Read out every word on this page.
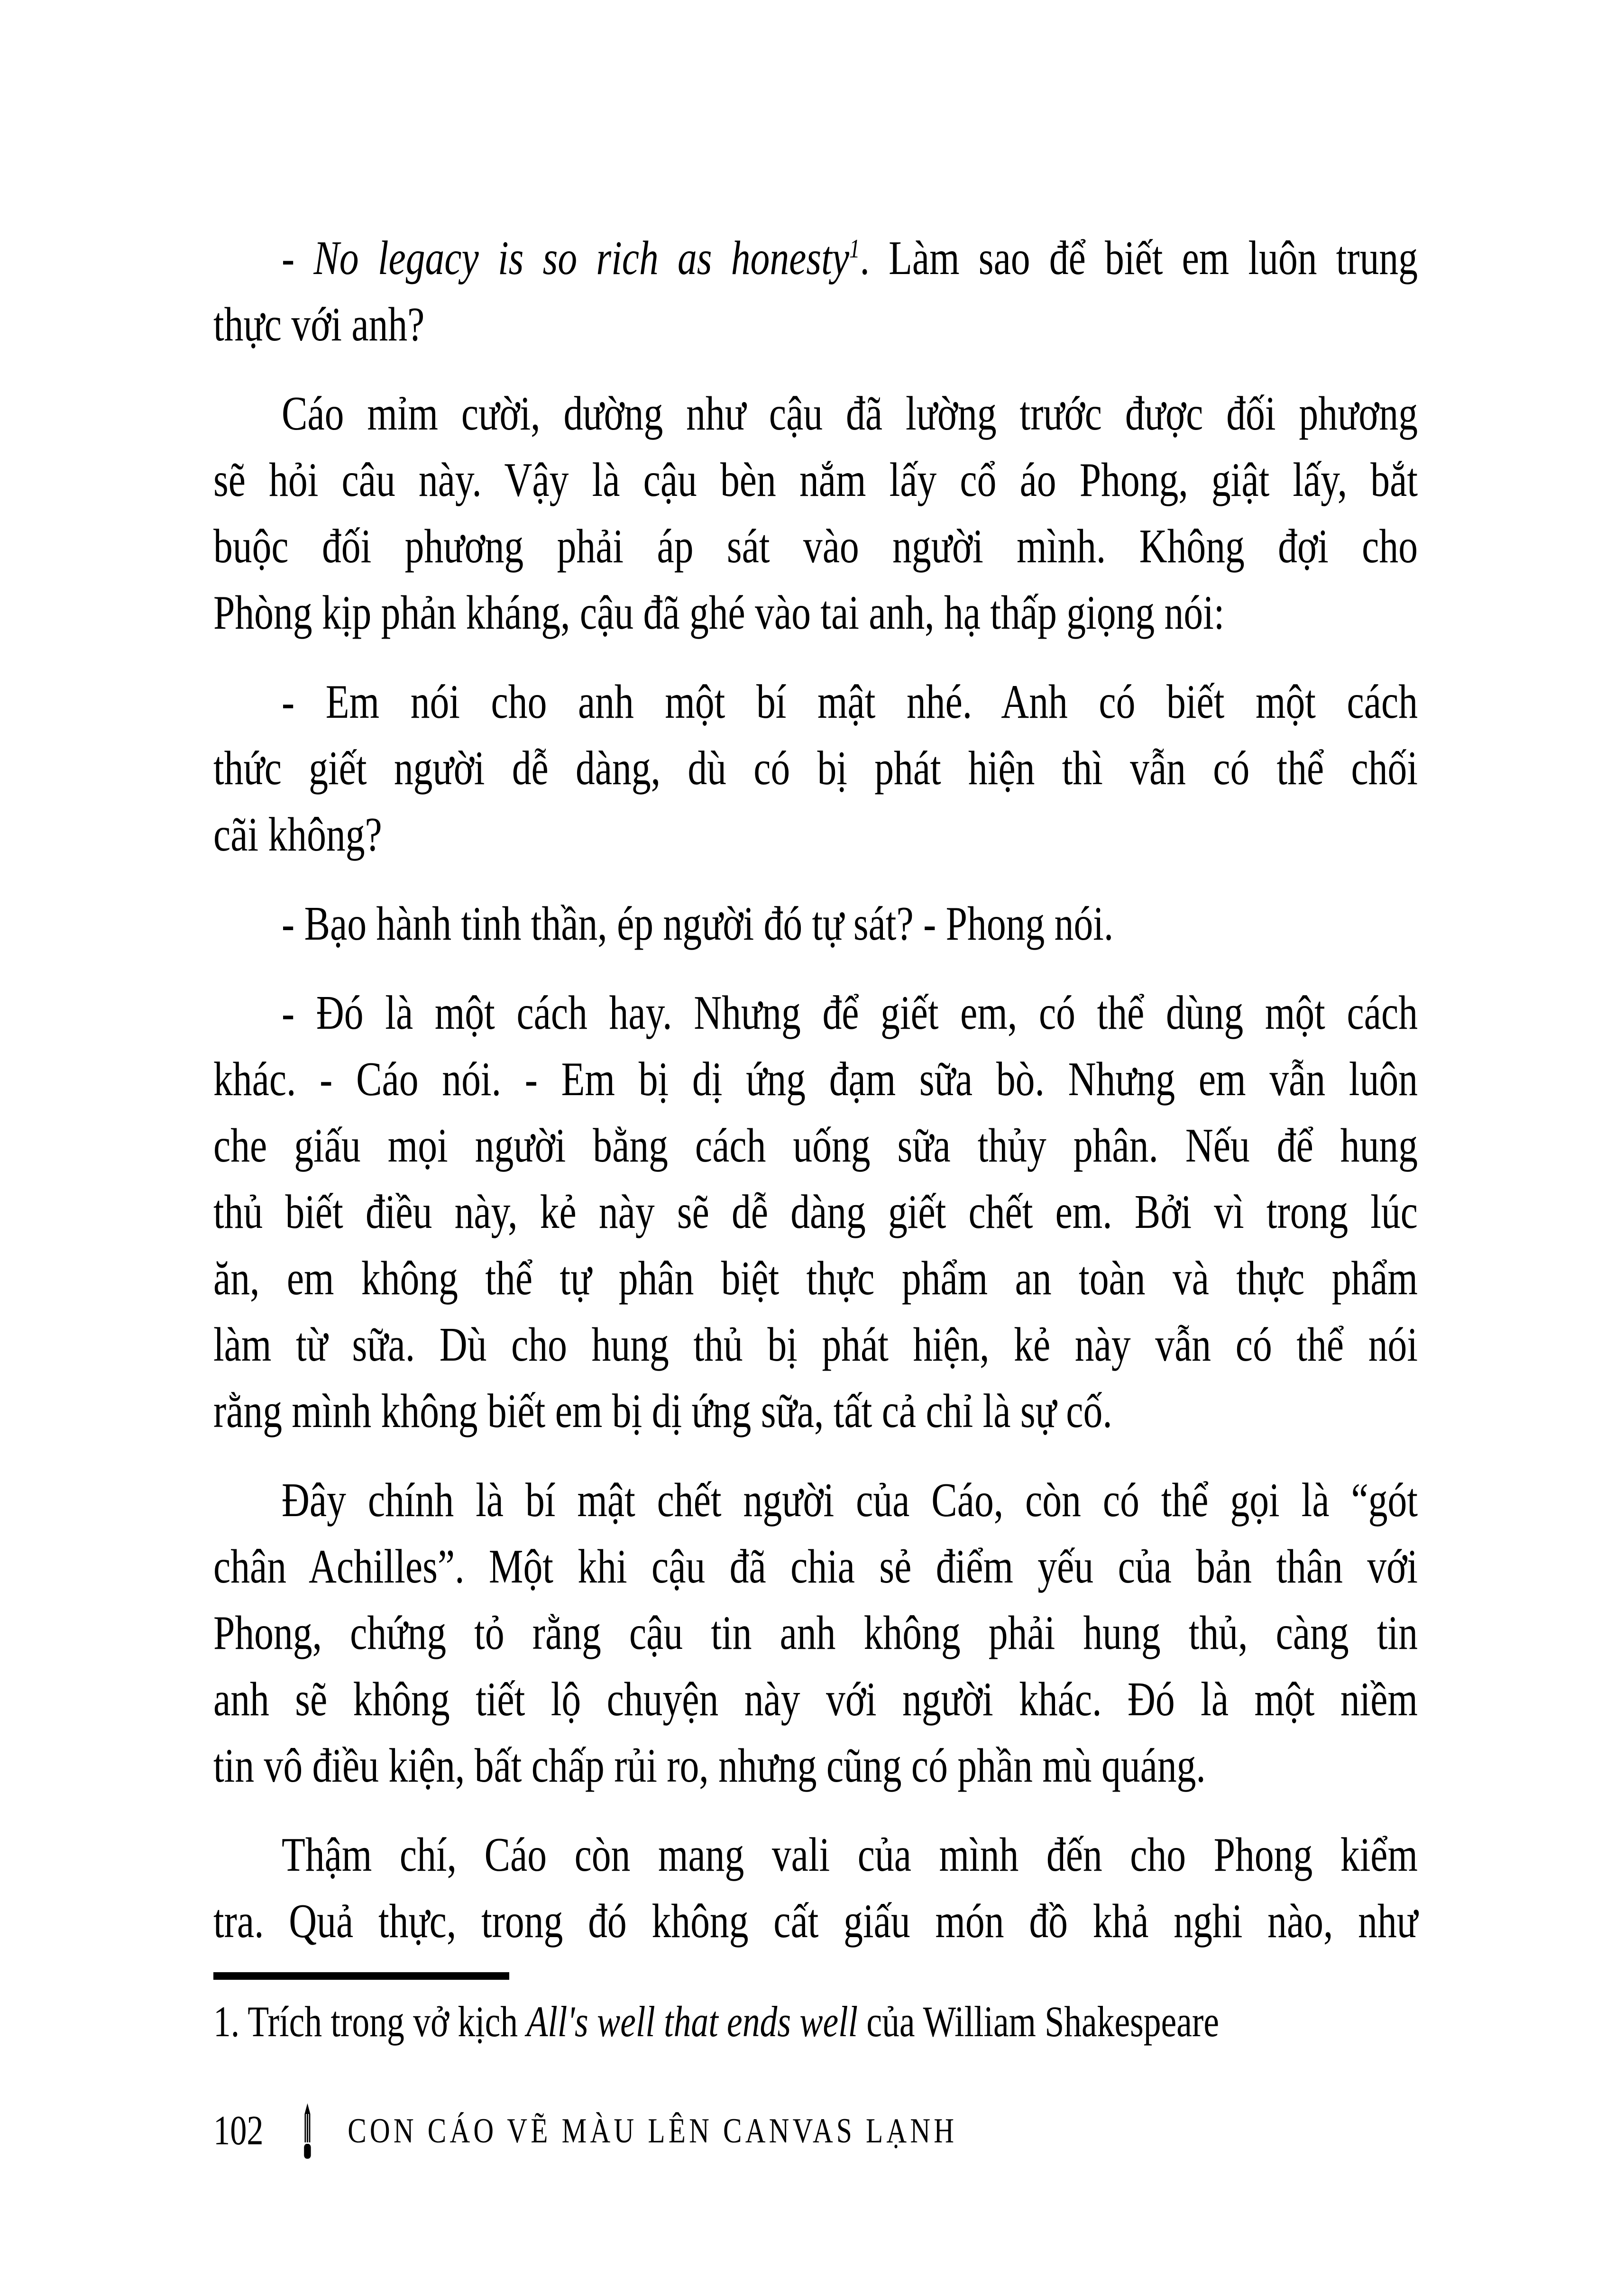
- No legacy is so rich as honesty$^1$. Làm sao để biết em luôn trung
thực với anh?
Cáo mỉm cười, dường như cậu đã lường trước được đối phương
sẽ hỏi câu này. Vậy là cậu bèn nắm lấy cổ áo Phong, giật lấy, bắt
buộc đối phương phải áp sát vào người mình. Không đợi cho
Phòng kịp phản kháng, cậu đã ghé vào tai anh, hạ thấp giọng nói:
- Em nói cho anh một bí mật nhé. Anh có biết một cách
thức giết người dễ dàng, dù có bị phát hiện thì vẫn có thể chối
cãi không?
- Bạo hành tinh thần, ép người đó tự sát? - Phong nói.
- Đó là một cách hay. Nhưng để giết em, có thể dùng một cách
khác. - Cáo nói. - Em bị dị ứng đạm sữa bò. Nhưng em vẫn luôn
che giấu mọi người bằng cách uống sữa thủy phân. Nếu để hung
thủ biết điều này, kẻ này sẽ dễ dàng giết chết em. Bởi vì trong lúc
ăn, em không thể tự phân biệt thực phẩm an toàn và thực phẩm
làm từ sữa. Dù cho hung thủ bị phát hiện, kẻ này vẫn có thể nói
rằng mình không biết em bị dị ứng sữa, tất cả chỉ là sự cố.
Đây chính là bí mật chết người của Cáo, còn có thể gọi là “gót
chân Achilles”. Một khi cậu đã chia sẻ điểm yếu của bản thân với
Phong, chứng tỏ rằng cậu tin anh không phải hung thủ, càng tin
anh sẽ không tiết lộ chuyện này với người khác. Đó là một niềm
tin vô điều kiện, bất chấp rủi ro, nhưng cũng có phần mù quáng.
Thậm chí, Cáo còn mang vali của mình đến cho Phong kiểm
tra. Quả thực, trong đó không cất giấu món đồ khả nghi nào, như
1. Trích trong vở kịch All's well that ends well của William Shakespeare
102 CON CÁO VẼ MÀU LÊN CANVAS LẠNH
